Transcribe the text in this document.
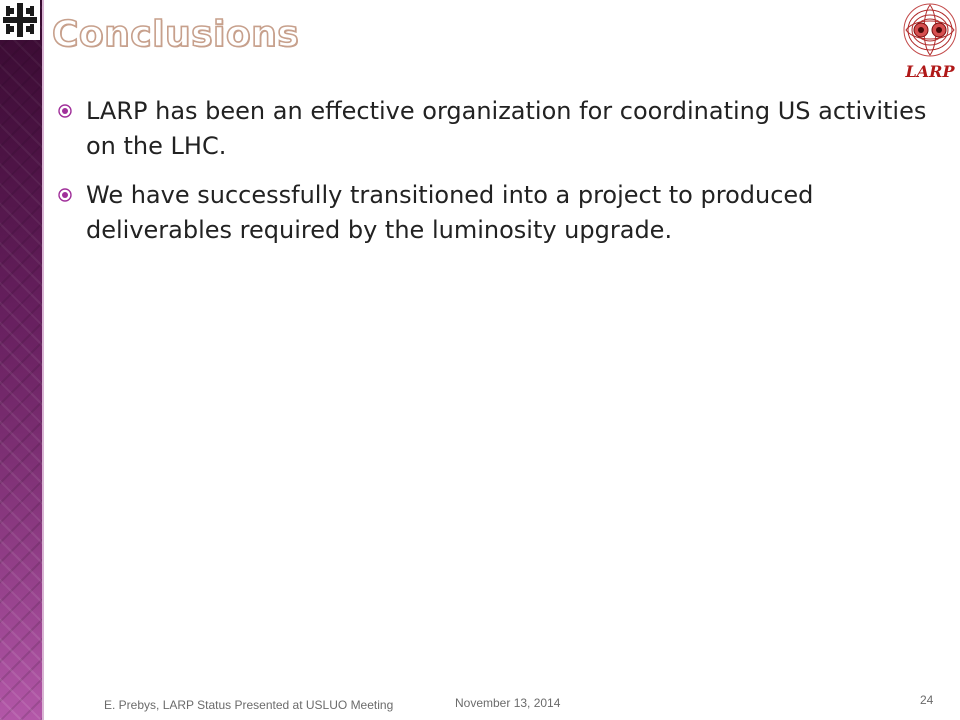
Conclusions
LARP
LARP has been an effective organization for coordinating US activities on the LHC.
We have successfully transitioned into a project to produced deliverables required by the luminosity upgrade.
E. Prebys, LARP Status Presented at USLUO Meeting	November 13, 2014	24
